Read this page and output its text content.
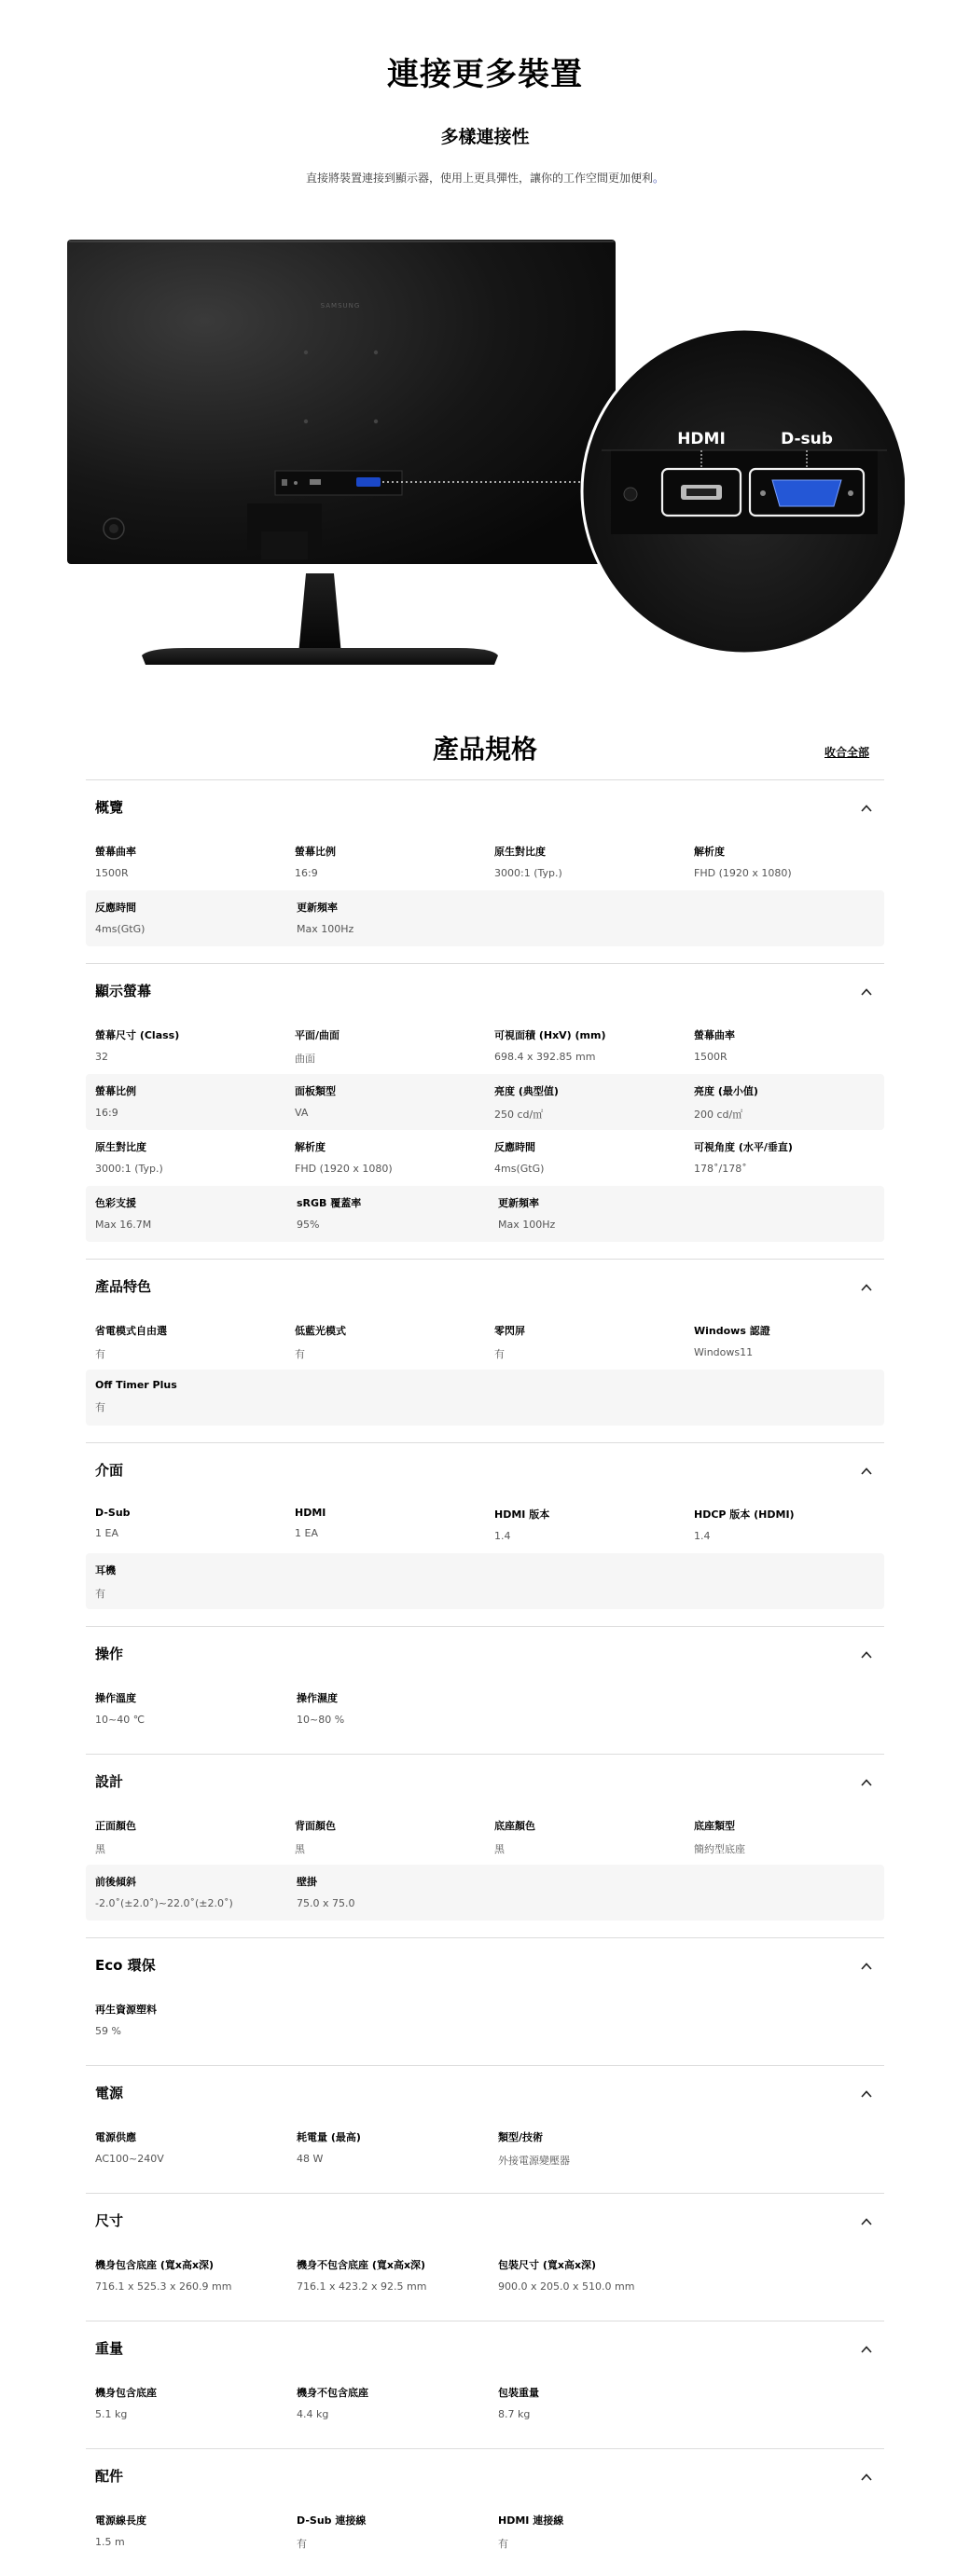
連接更多裝置
多樣連接性

直接將裝置連接到顯示器，使用上更具彈性，讓你的工作空間更加便利。

SAMSUNG
HDMI	D-sub
產品規格	收合全部
概覽
螢幕曲率
1500R
螢幕比例
16:9
原生對比度
3000:1 (Typ.)
解析度
FHD (1920 x 1080)
反應時間
4ms(GtG)
更新頻率
Max 100Hz
顯示螢幕
螢幕尺寸 (Class)
32
平面/曲面
曲面
可視面積 (HxV) (mm)
698.4 x 392.85 mm
螢幕曲率
1500R
螢幕比例
16:9
面板類型
VA
亮度 (典型值)
250 cd/㎡
亮度 (最小值)
200 cd/㎡
原生對比度
3000:1 (Typ.)
解析度
FHD (1920 x 1080)
反應時間
4ms(GtG)
可視角度 (水平/垂直)
178˚/178˚
色彩支援
Max 16.7M
sRGB 覆蓋率
95%
更新頻率
Max 100Hz
產品特色
省電模式自由選
有
低藍光模式
有
零閃屏
有
Windows 認證
Windows11
Off Timer Plus
有
介面
D-Sub
1 EA
HDMI
1 EA
HDMI 版本
1.4
HDCP 版本 (HDMI)
1.4
耳機
有
操作
操作溫度
10~40 ℃
操作濕度
10~80 %
設計
正面顏色
黑
背面顏色
黑
底座顏色
黑
底座類型
簡約型底座
前後傾斜
-2.0˚(±2.0˚)~22.0˚(±2.0˚)
壁掛
75.0 x 75.0
Eco 環保
再生資源塑料
59 %
電源
電源供應
AC100~240V
耗電量 (最高)
48 W
類型/技術
外接電源變壓器
尺寸
機身包含底座 (寬x高x深)
716.1 x 525.3 x 260.9 mm
機身不包含底座 (寬x高x深)
716.1 x 423.2 x 92.5 mm
包裝尺寸 (寬x高x深)
900.0 x 205.0 x 510.0 mm
重量
機身包含底座
5.1 kg
機身不包含底座
4.4 kg
包裝重量
8.7 kg
配件
電源線長度
1.5 m
D-Sub 連接線
有
HDMI 連接線
有
